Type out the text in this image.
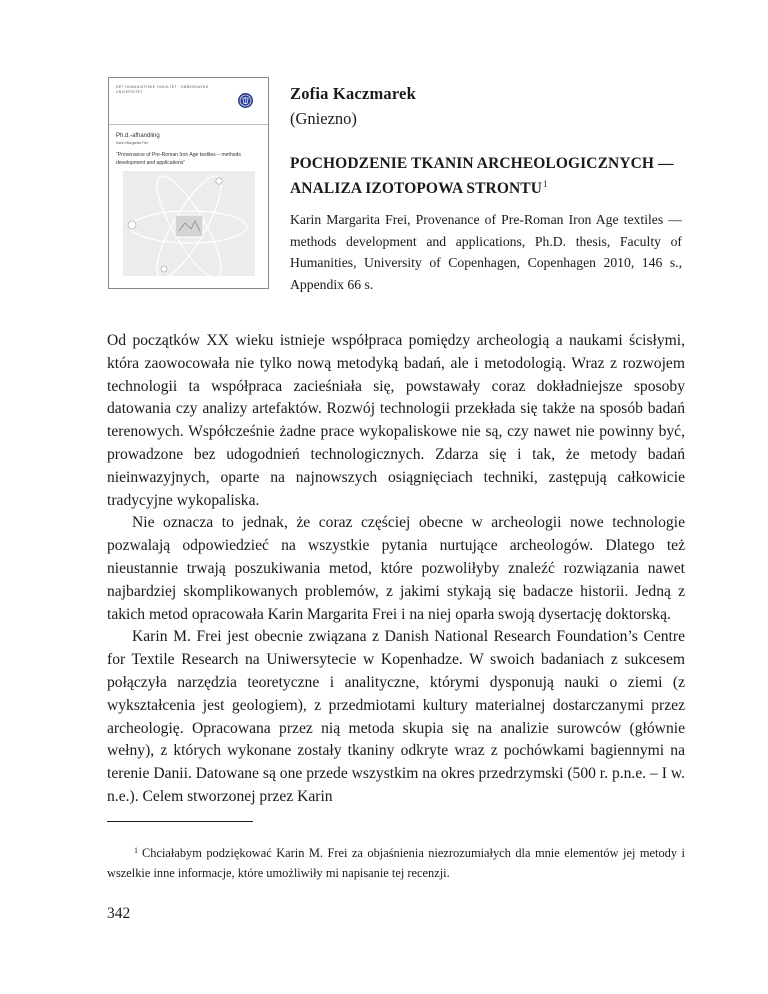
DET HUMANISTISKE FAKULTET · KØBENHAVNS UNIVERSITET
Ph.d.-afhandling
Karin Margarita Frei
“Provenance of Pre-Roman Iron Age textiles – methods development and applications”
Zofia Kaczmarek
(Gniezno)
POCHODZENIE TKANIN ARCHEOLOGICZNYCH — ANALIZA IZOTOPOWA STRONTU$^1$
Karin Margarita Frei, Provenance of Pre-Roman Iron Age textiles — methods development and applications, Ph.D. thesis, Faculty of Humanities, University of Copenhagen, Copenhagen 2010, 146 s., Appendix 66 s.

Od początków XX wieku istnieje współpraca pomiędzy archeologią a naukami ścisłymi, która zaowocowała nie tylko nową metodyką badań, ale i metodologią. Wraz z rozwojem technologii ta współpraca zacieśniała się, powstawały coraz dokładniejsze sposoby datowania czy analizy artefaktów. Rozwój technologii przekłada się także na sposób badań terenowych. Współcześnie żadne prace wykopaliskowe nie są, czy nawet nie powinny być, prowadzone bez udogodnień technologicznych. Zdarza się i tak, że metody badań nieinwazyjnych, oparte na najnowszych osiągnięciach techniki, zastępują całkowicie tradycyjne wykopaliska.

Nie oznacza to jednak, że coraz częściej obecne w archeologii nowe technologie pozwalają odpowiedzieć na wszystkie pytania nurtujące archeologów. Dlatego też nieustannie trwają poszukiwania metod, które pozwoliłyby znaleźć rozwiązania nawet najbardziej skomplikowanych problemów, z jakimi stykają się badacze historii. Jedną z takich metod opracowała Karin Margarita Frei i na niej oparła swoją dysertację doktorską.

Karin M. Frei jest obecnie związana z Danish National Research Foundation’s Centre for Textile Research na Uniwersytecie w Kopenhadze. W swoich badaniach z sukcesem połączyła narzędzia teoretyczne i analityczne, którymi dysponują nauki o ziemi (z wykształcenia jest geologiem), z przedmiotami kultury materialnej dostarczanymi przez archeologię. Opracowana przez nią metoda skupia się na analizie surowców (głównie wełny), z których wykonane zostały tkaniny odkryte wraz z pochówkami bagiennymi na terenie Danii. Datowane są one przede wszystkim na okres przedrzymski (500 r. p.n.e. – I w. n.e.). Celem stworzonej przez Karin

$^1$ Chciałabym podziękować Karin M. Frei za objaśnienia niezrozumiałych dla mnie elementów jej metody i wszelkie inne informacje, które umożliwiły mi napisanie tej recenzji.
342
